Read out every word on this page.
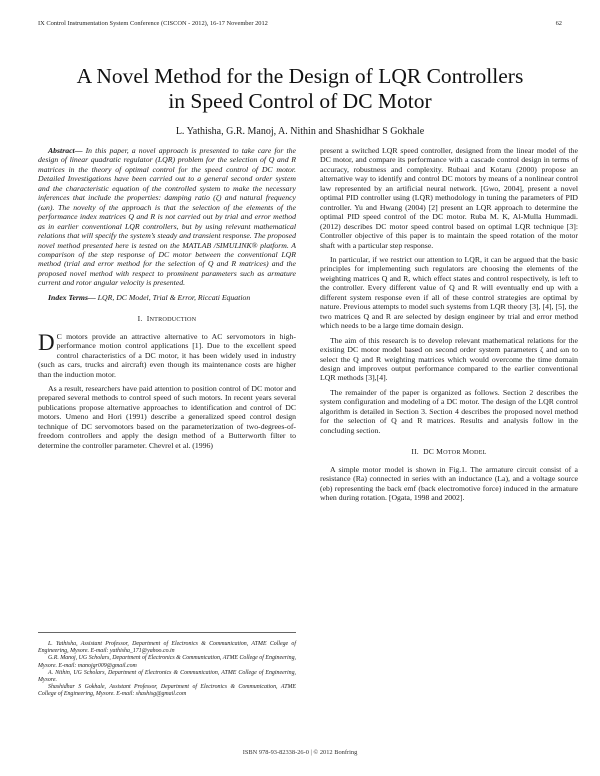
IX Control Instrumentation System Conference (CISCON - 2012), 16-17 November 2012	62
A Novel Method for the Design of LQR Controllers
in Speed Control of DC Motor
L. Yathisha, G.R. Manoj, A. Nithin and Shashidhar S Gokhale

Abstract— In this paper, a novel approach is presented to take care for the design of linear quadratic regulator (LQR) problem for the selection of Q and R matrices in the theory of optimal control for the speed control of DC motor. Detailed Investigations have been carried out to a general second order system and the characteristic equation of the controlled system to make the necessary inferences that include the properties: damping ratio (ζ) and natural frequency (ωn). The novelty of the approach is that the selection of the elements of the performance index matrices Q and R is not carried out by trial and error method as in earlier conventional LQR controllers, but by using relevant mathematical relations that will specify the system’s steady and transient response. The proposed novel method presented here is tested on the MATLAB /SIMULINK® platform. A comparison of the step response of DC motor between the conventional LQR method (trial and error method for the selection of Q and R matrices) and the proposed novel method with respect to prominent parameters such as armature current and rotor angular velocity is presented.

Index Terms— LQR, DC Model, Trial & Error, Riccati Equation

I. INTRODUCTION

DC motors provide an attractive alternative to AC servomotors in high-performance motion control applications [1]. Due to the excellent speed control characteristics of a DC motor, it has been widely used in industry (such as cars, trucks and aircraft) even though its maintenance costs are higher than the induction motor.

As a result, researchers have paid attention to position control of DC motor and prepared several methods to control speed of such motors. In recent years several publications propose alternative approaches to identification and control of DC motors. Umeno and Hori (1991) describe a generalized speed control design technique of DC servomotors based on the parameterization of two-degrees-of-freedom controllers and apply the design method of a Butterworth filter to determine the controller parameter. Chevrel et al. (1996)

L. Yathisha, Assistant Professor, Department of Electronics & Communication, ATME College of Engineering, Mysore. E-mail: yathisha_171@yahoo.co.in

G.R. Manoj, UG Scholars, Department of Electronics & Communication, ATME College of Engineering, Mysore. E-mail: manojgr009@gmail.com

A. Nithin, UG Scholars, Department of Electronics & Communication, ATME College of Engineering, Mysore.

Shashidhar S Gokhale, Assistant Professor, Department of Electronics & Communication, ATME College of Engineering, Mysore. E-mail: shashisg@gmail.com

present a switched LQR speed controller, designed from the linear model of the DC motor, and compare its performance with a cascade control design in terms of accuracy, robustness and complexity. Rubaai and Kotaru (2000) propose an alternative way to identify and control DC motors by means of a nonlinear control law represented by an artificial neural network. [Gwo, 2004], present a novel optimal PID controller using (LQR) methodology in tuning the parameters of PID controller. Yu and Hwang (2004) [2] present an LQR approach to determine the optimal PID speed control of the DC motor. Ruba M. K, Al-Mulla Hummadi. (2012) describes DC motor speed control based on optimal LQR technique [3]: Controller objective of this paper is to maintain the speed rotation of the motor shaft with a particular step response.

In particular, if we restrict our attention to LQR, it can be argued that the basic principles for implementing such regulators are choosing the elements of the weighting matrices Q and R, which effect states and control respectively, is left to the controller. Every different value of Q and R will eventually end up with a different system response even if all of these control strategies are optimal by nature. Previous attempts to model such systems from LQR theory [3], [4], [5], the two matrices Q and R are selected by design engineer by trial and error method which needs to be a large time domain design.

The aim of this research is to develop relevant mathematical relations for the existing DC motor model based on second order system parameters ζ and ωn to select the Q and R weighting matrices which would overcome the time domain design and improves output performance compared to the earlier conventional LQR methods [3],[4].

The remainder of the paper is organized as follows. Section 2 describes the system configuration and modeling of a DC motor. The design of the LQR control algorithm is detailed in Section 3. Section 4 describes the proposed novel method for the selection of Q and R matrices. Results and analysis follow in the concluding section.

II. DC MOTOR MODEL

A simple motor model is shown in Fig.1. The armature circuit consist of a resistance (Ra) connected in series with an inductance (La), and a voltage source (eb) representing the back emf (back electromotive force) induced in the armature when during rotation. [Ogata, 1998 and 2002].

ISBN 978-93-82338-26-0 | © 2012 Bonfring
